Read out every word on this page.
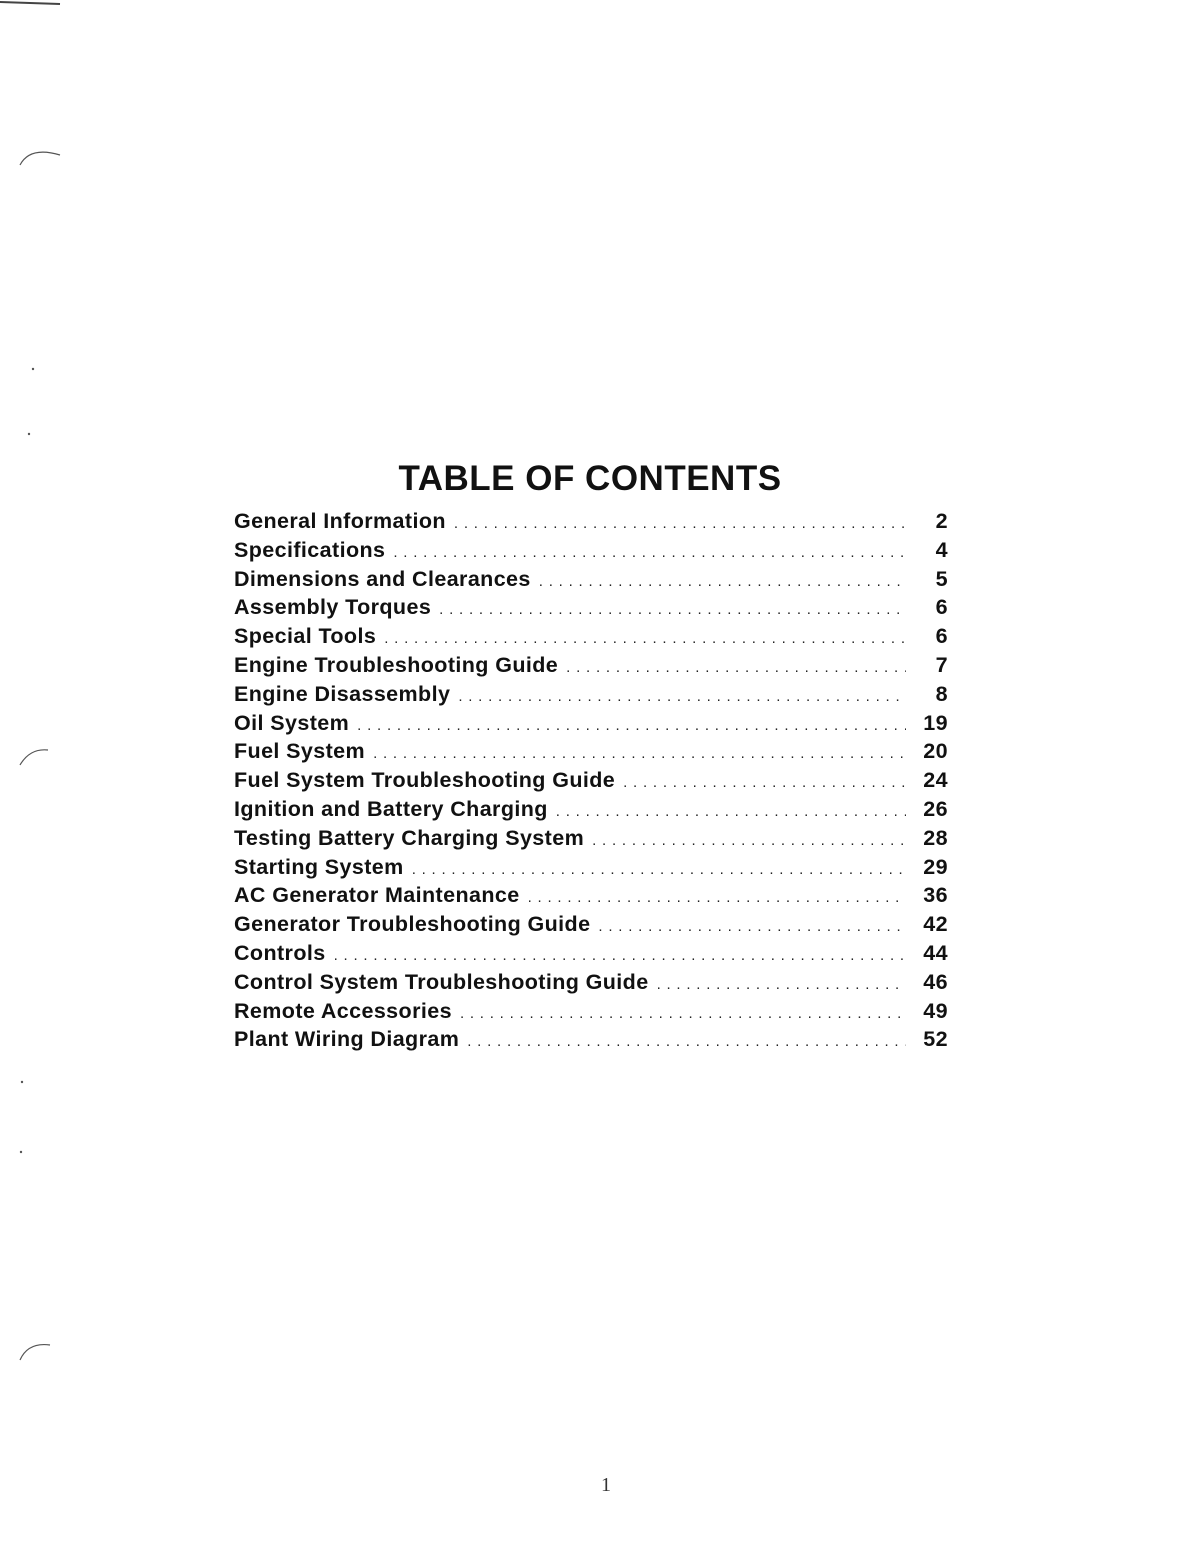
TABLE OF CONTENTS
General Information . . .	2
Specifications . . .	4
Dimensions and Clearances . . .	5
Assembly Torques . . .	6
Special Tools . . .	6
Engine Troubleshooting Guide . . .	7
Engine Disassembly . . .	8
Oil System . . .	19
Fuel System . . .	20
Fuel System Troubleshooting Guide . . .	24
Ignition and Battery Charging . . .	26
Testing Battery Charging System . . .	28
Starting System . . .	29
AC Generator Maintenance . . .	36
Generator Troubleshooting Guide . . .	42
Controls . . .	44
Control System Troubleshooting Guide . . .	46
Remote Accessories . . .	49
Plant Wiring Diagram . . .	52
1
